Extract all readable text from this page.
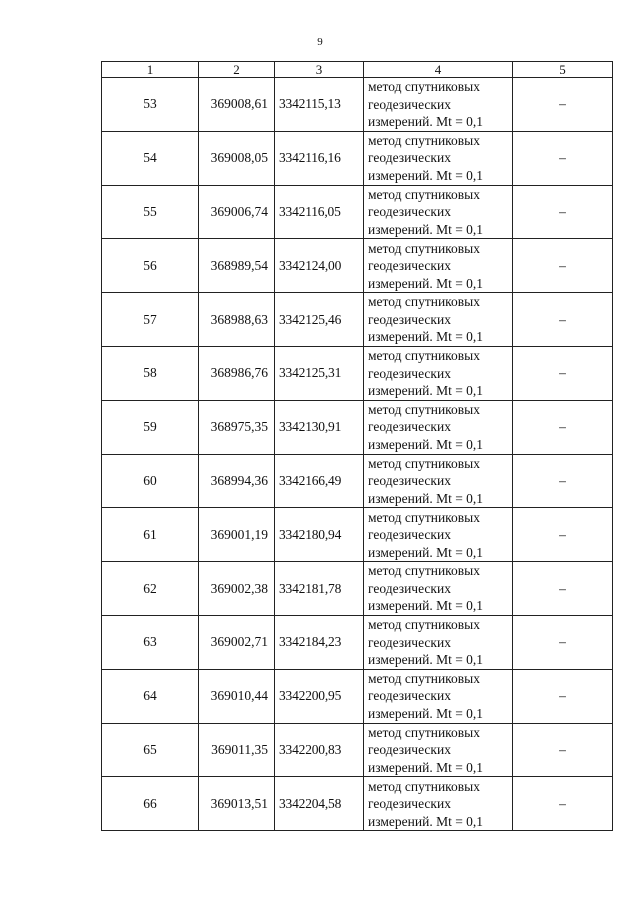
9
1	2	3	4	5
53	369008,61	3342115,13	метод спутниковых
геодезических
измерений. Mt = 0,1	–
54	369008,05	3342116,16	метод спутниковых
геодезических
измерений. Mt = 0,1	–
55	369006,74	3342116,05	метод спутниковых
геодезических
измерений. Mt = 0,1	–
56	368989,54	3342124,00	метод спутниковых
геодезических
измерений. Mt = 0,1	–
57	368988,63	3342125,46	метод спутниковых
геодезических
измерений. Mt = 0,1	–
58	368986,76	3342125,31	метод спутниковых
геодезических
измерений. Mt = 0,1	–
59	368975,35	3342130,91	метод спутниковых
геодезических
измерений. Mt = 0,1	–
60	368994,36	3342166,49	метод спутниковых
геодезических
измерений. Mt = 0,1	–
61	369001,19	3342180,94	метод спутниковых
геодезических
измерений. Mt = 0,1	–
62	369002,38	3342181,78	метод спутниковых
геодезических
измерений. Mt = 0,1	–
63	369002,71	3342184,23	метод спутниковых
геодезических
измерений. Mt = 0,1	–
64	369010,44	3342200,95	метод спутниковых
геодезических
измерений. Mt = 0,1	–
65	369011,35	3342200,83	метод спутниковых
геодезических
измерений. Mt = 0,1	–
66	369013,51	3342204,58	метод спутниковых
геодезических
измерений. Mt = 0,1	–
